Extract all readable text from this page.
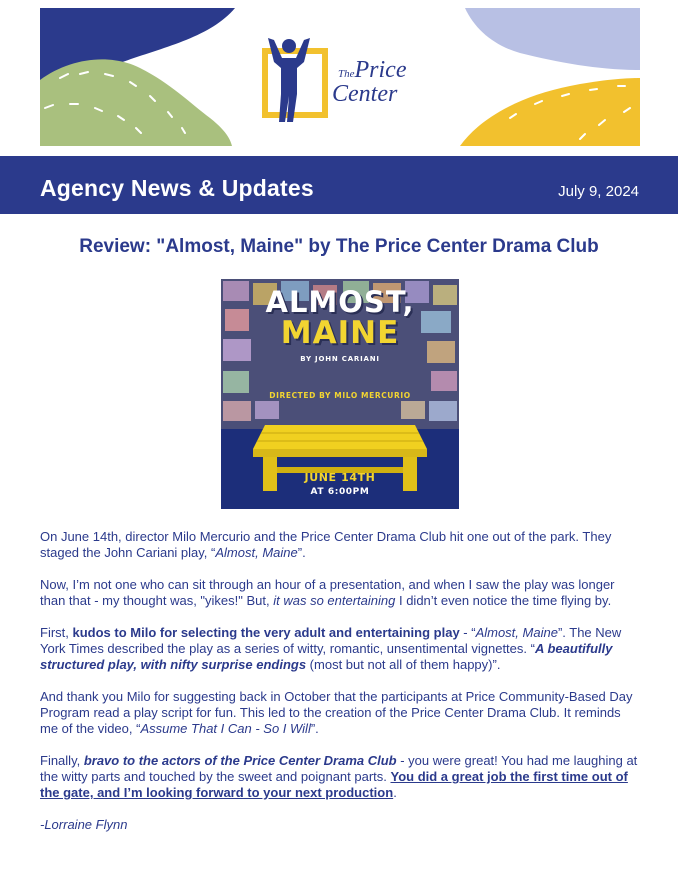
ThePrice
Center
Agency News & Updates	July 9, 2024
Review: "Almost, Maine" by The Price Center Drama Club
ALMOST,
MAINE
BY JOHN CARIANI
DIRECTED BY MILO MERCURIO
JUNE 14TH
AT 6:00PM

On June 14th, director Milo Mercurio and the Price Center Drama Club hit one out of the park. They staged the John Cariani play, “Almost, Maine”.

Now, I’m not one who can sit through an hour of a presentation, and when I saw the play was longer than that - my thought was, "yikes!" But, it was so entertaining I didn’t even notice the time flying by.

First, kudos to Milo for selecting the very adult and entertaining play - “Almost, Maine”. The New York Times described the play as a series of witty, romantic, unsentimental vignettes. “A beautifully structured play, with nifty surprise endings (most but not all of them happy)”.

And thank you Milo for suggesting back in October that the participants at Price Community-Based Day Program read a play script for fun. This led to the creation of the Price Center Drama Club. It reminds me of the video, “Assume That I Can - So I Will”.

Finally, bravo to the actors of the Price Center Drama Club - you were great! You had me laughing at the witty parts and touched by the sweet and poignant parts. You did a great job the first time out of the gate, and I’m looking forward to your next production.

-Lorraine Flynn
